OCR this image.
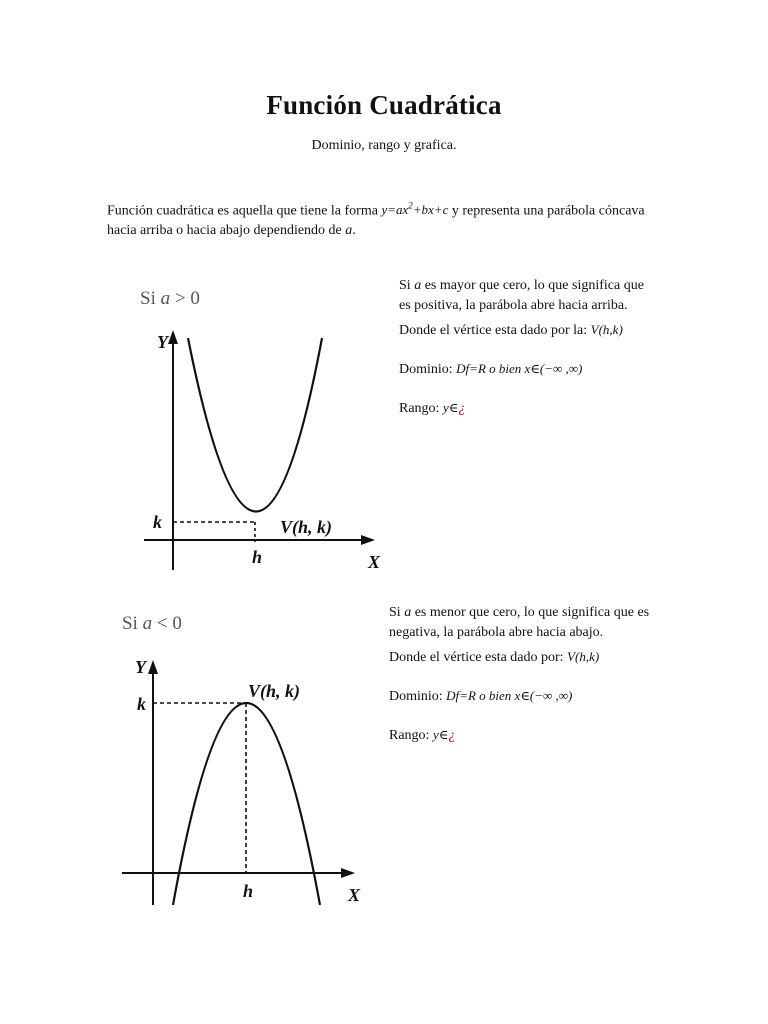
Función Cuadrática
Dominio, rango y grafica.
Función cuadrática es aquella que tiene la forma $y=ax^2+bx+c$ y representa una parábola cóncava hacia arriba o hacia abajo dependiendo de a.
Si a > 0
Y
X
k
h
V(h, k)
Si a es mayor que cero, lo que significa que es positiva, la parábola abre hacia arriba.
Donde el vértice esta dado por la: V(h,k)
Dominio: Df=R o bien x∈(−∞ ,∞)
Rango: y∈¿
Si a < 0
Y
X
k
h
V(h, k)
Si a es menor que cero, lo que significa que es negativa, la parábola abre hacia abajo.
Donde el vértice esta dado por: V(h,k)
Dominio: Df=R o bien x∈(−∞ ,∞)
Rango: y∈¿
